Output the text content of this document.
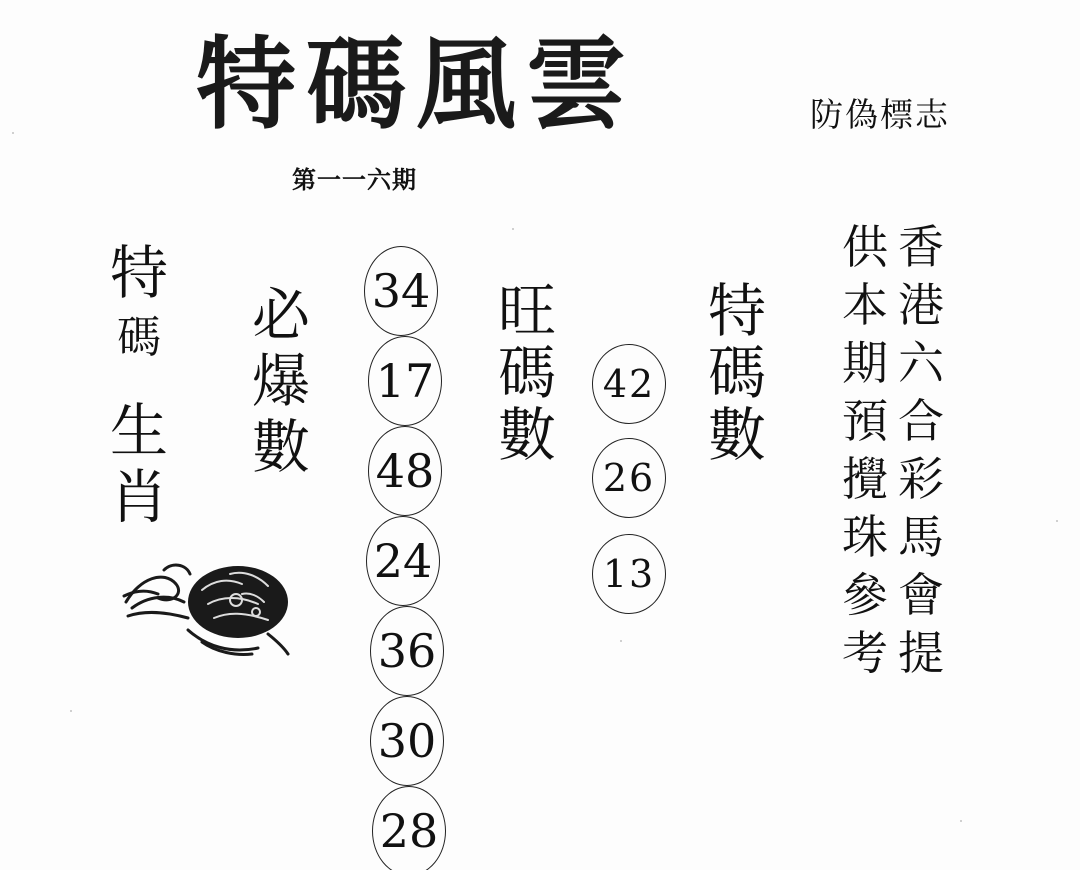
特碼風雲	防偽標志
第一一六期
特
碼
生
肖
必
爆
數
34
17
48
24
36
30
28
旺
碼
數
42
26
13
特
碼
數
供 香
本 港
期 六
預 合
攪 彩
珠 馬
參 會
考 提
